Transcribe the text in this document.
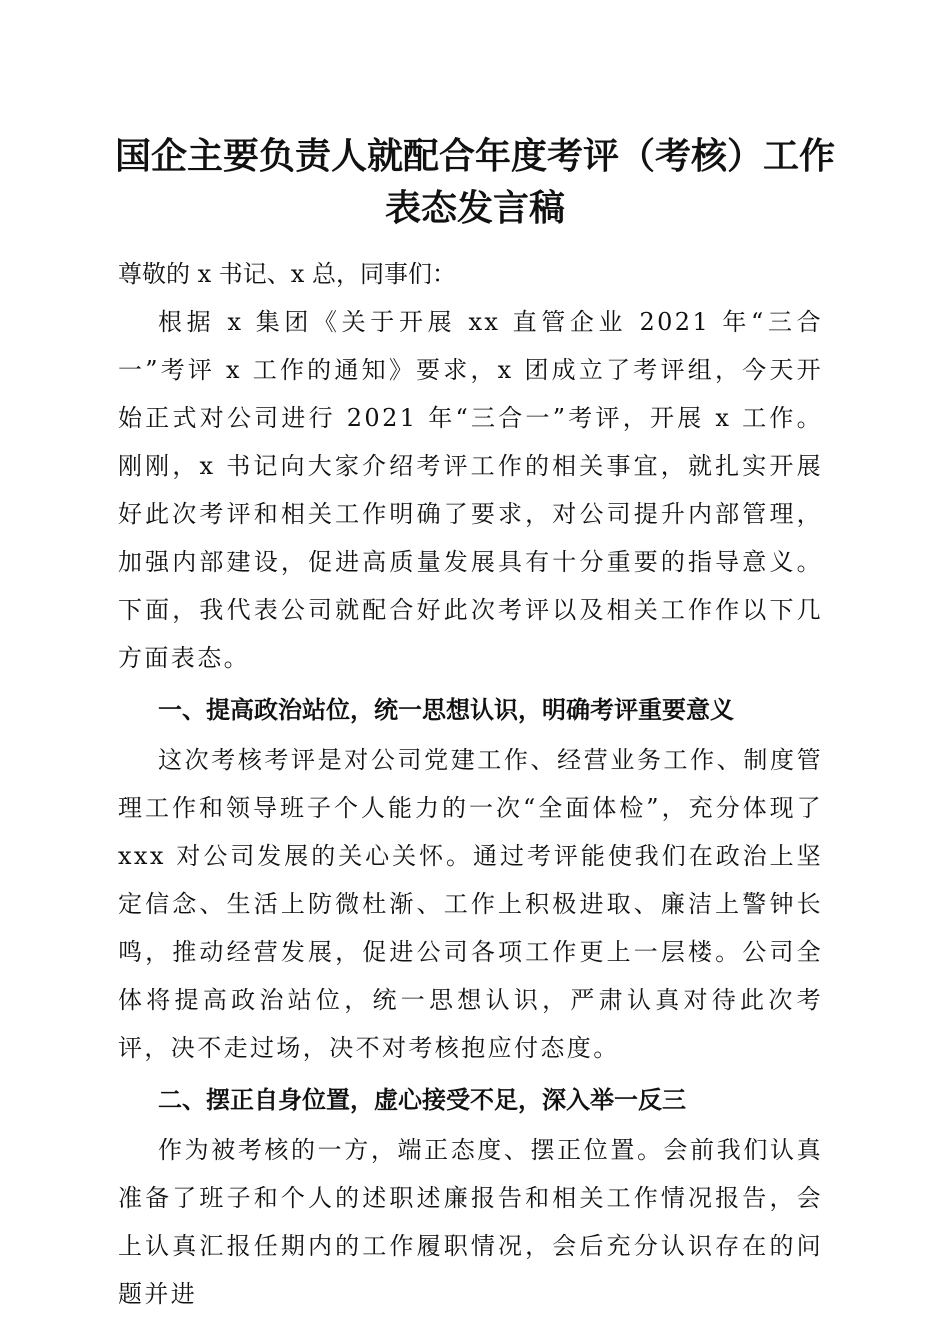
国企主要负责人就配合年度考评（考核）工作

表态发言稿

尊敬的 x 书记、x 总，同事们：

根据 x 集团《关于开展 xx 直管企业 2021 年“三合一”考评 x 工作的通知》要求，x 团成立了考评组，今天开始正式对公司进行 2021 年“三合一”考评，开展 x 工作。刚刚，x 书记向大家介绍考评工作的相关事宜，就扎实开展好此次考评和相关工作明确了要求，对公司提升内部管理，加强内部建设，促进高质量发展具有十分重要的指导意义。下面，我代表公司就配合好此次考评以及相关工作作以下几方面表态。

一、提高政治站位，统一思想认识，明确考评重要意义

这次考核考评是对公司党建工作、经营业务工作、制度管理工作和领导班子个人能力的一次“全面体检”，充分体现了 xxx 对公司发展的关心关怀。通过考评能使我们在政治上坚定信念、生活上防微杜渐、工作上积极进取、廉洁上警钟长鸣，推动经营发展，促进公司各项工作更上一层楼。公司全体将提高政治站位，统一思想认识，严肃认真对待此次考评，决不走过场，决不对考核抱应付态度。

二、摆正自身位置，虚心接受不足，深入举一反三

作为被考核的一方，端正态度、摆正位置。会前我们认真准备了班子和个人的述职述廉报告和相关工作情况报告，会上认真汇报任期内的工作履职情况，会后充分认识存在的问题并进
